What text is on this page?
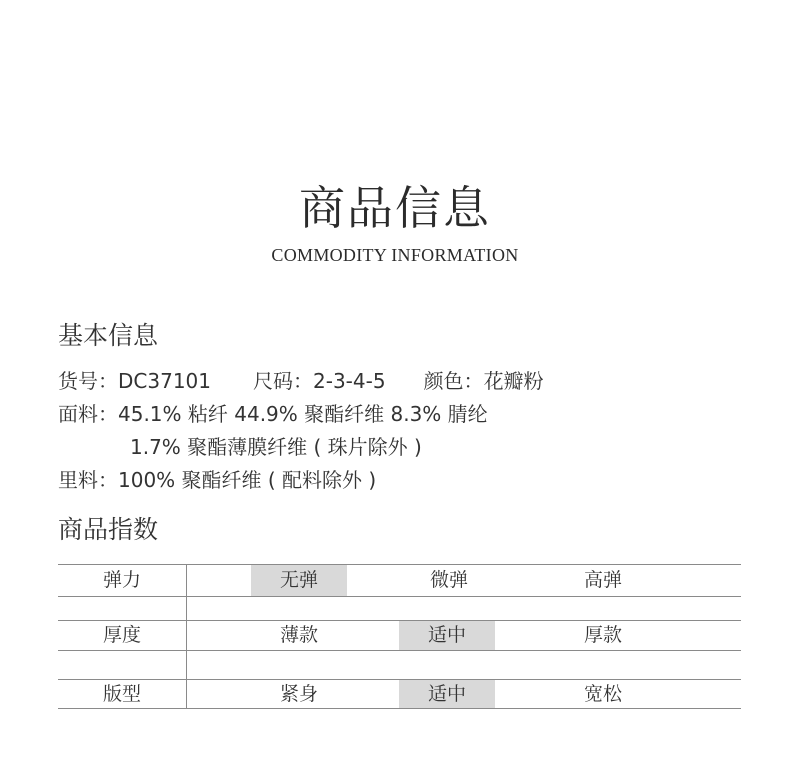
商品信息
COMMODITY INFORMATION
基本信息
货号：DC37101 尺码：2-3-4-5 颜色：花瓣粉
面料：45.1% 粘纤 44.9% 聚酯纤维 8.3% 腈纶
1.7% 聚酯薄膜纤维 ( 珠片除外 )
里料：100% 聚酯纤维 ( 配料除外 )
商品指数
弹力	无弹	微弹	高弹
厚度	薄款	适中	厚款
版型	紧身	适中	宽松
